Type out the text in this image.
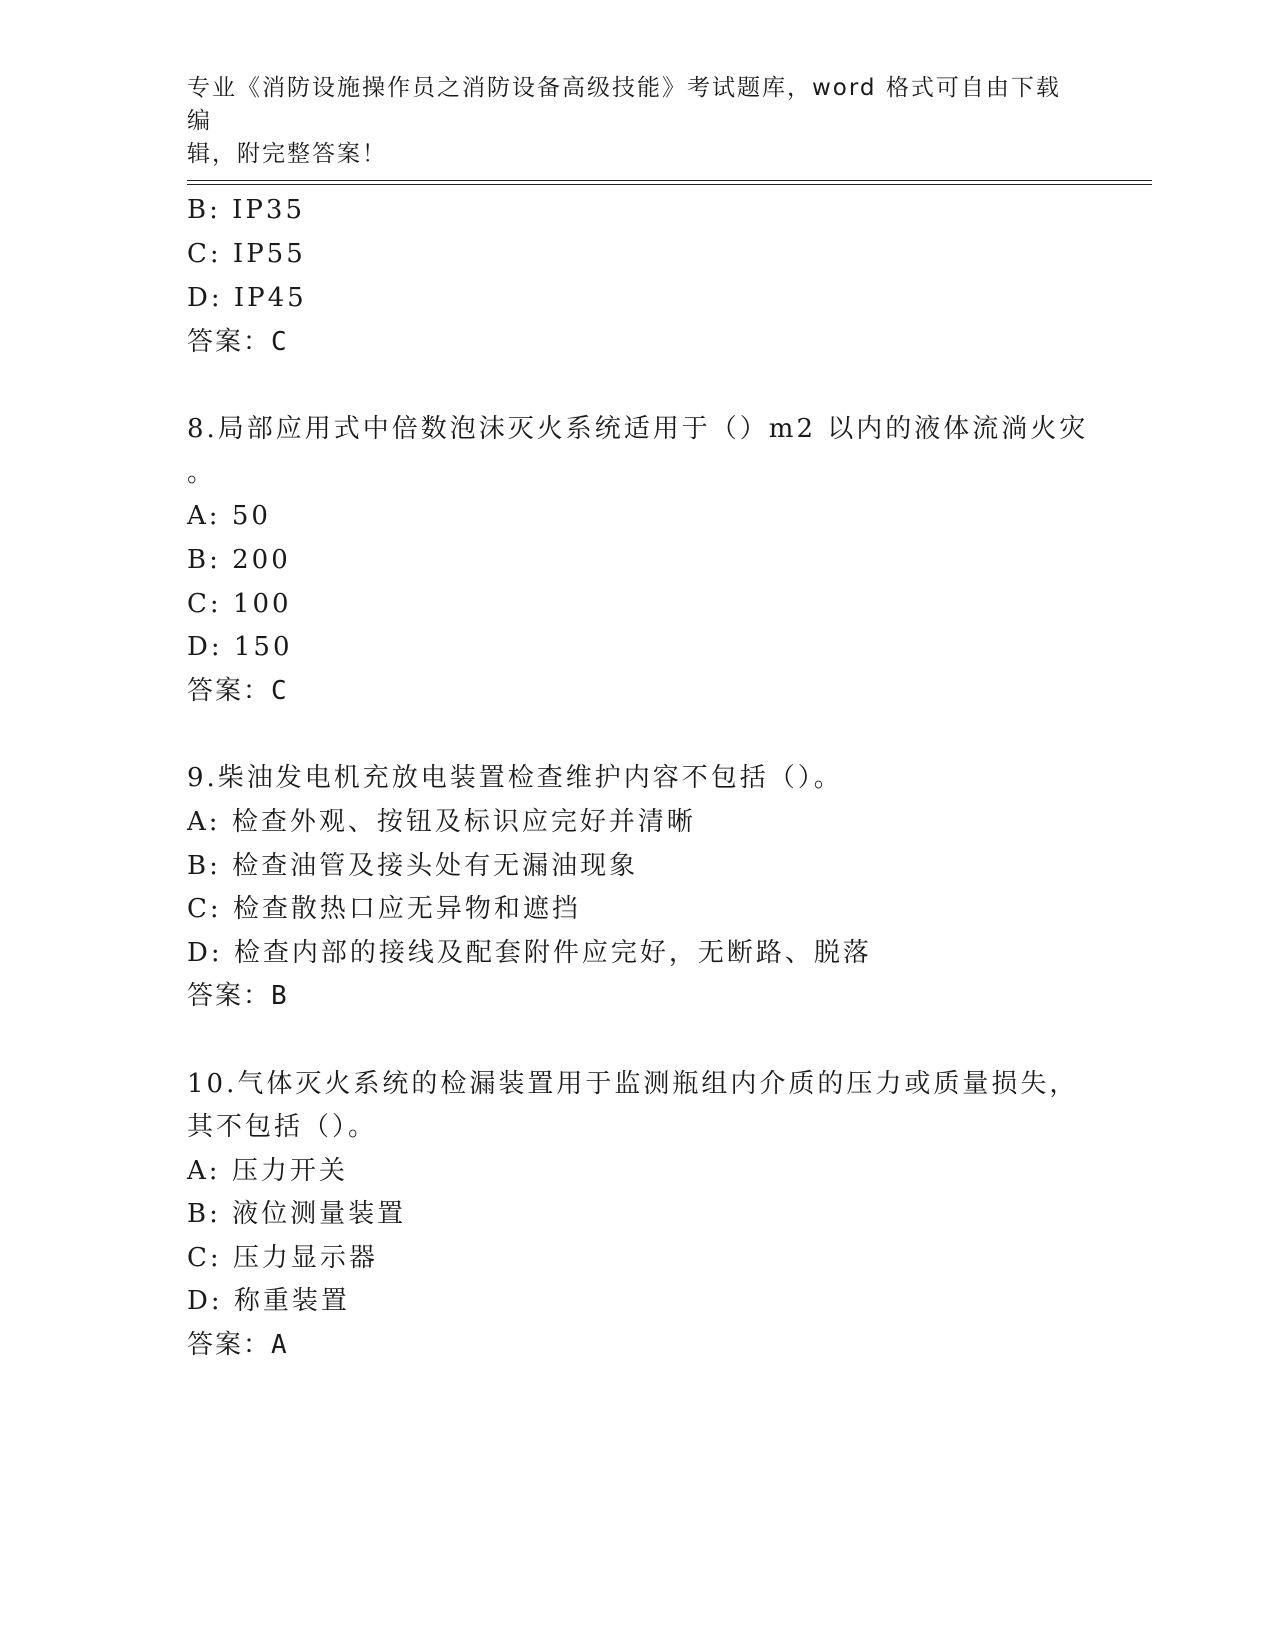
专业《消防设施操作员之消防设备高级技能》考试题库，word 格式可自由下载编
辑，附完整答案！
B: IP35
C: IP55
D: IP45
答案：C
8.局部应用式中倍数泡沫灭火系统适用于（）m2 以内的液体流淌火灾
。
A: 50
B: 200
C: 100
D: 150
答案：C
9.柴油发电机充放电装置检查维护内容不包括（）。
A: 检查外观、按钮及标识应完好并清晰
B: 检查油管及接头处有无漏油现象
C: 检查散热口应无异物和遮挡
D: 检查内部的接线及配套附件应完好，无断路、脱落
答案：B
10.气体灭火系统的检漏装置用于监测瓶组内介质的压力或质量损失，
其不包括（）。
A: 压力开关
B: 液位测量装置
C: 压力显示器
D: 称重装置
答案：A
